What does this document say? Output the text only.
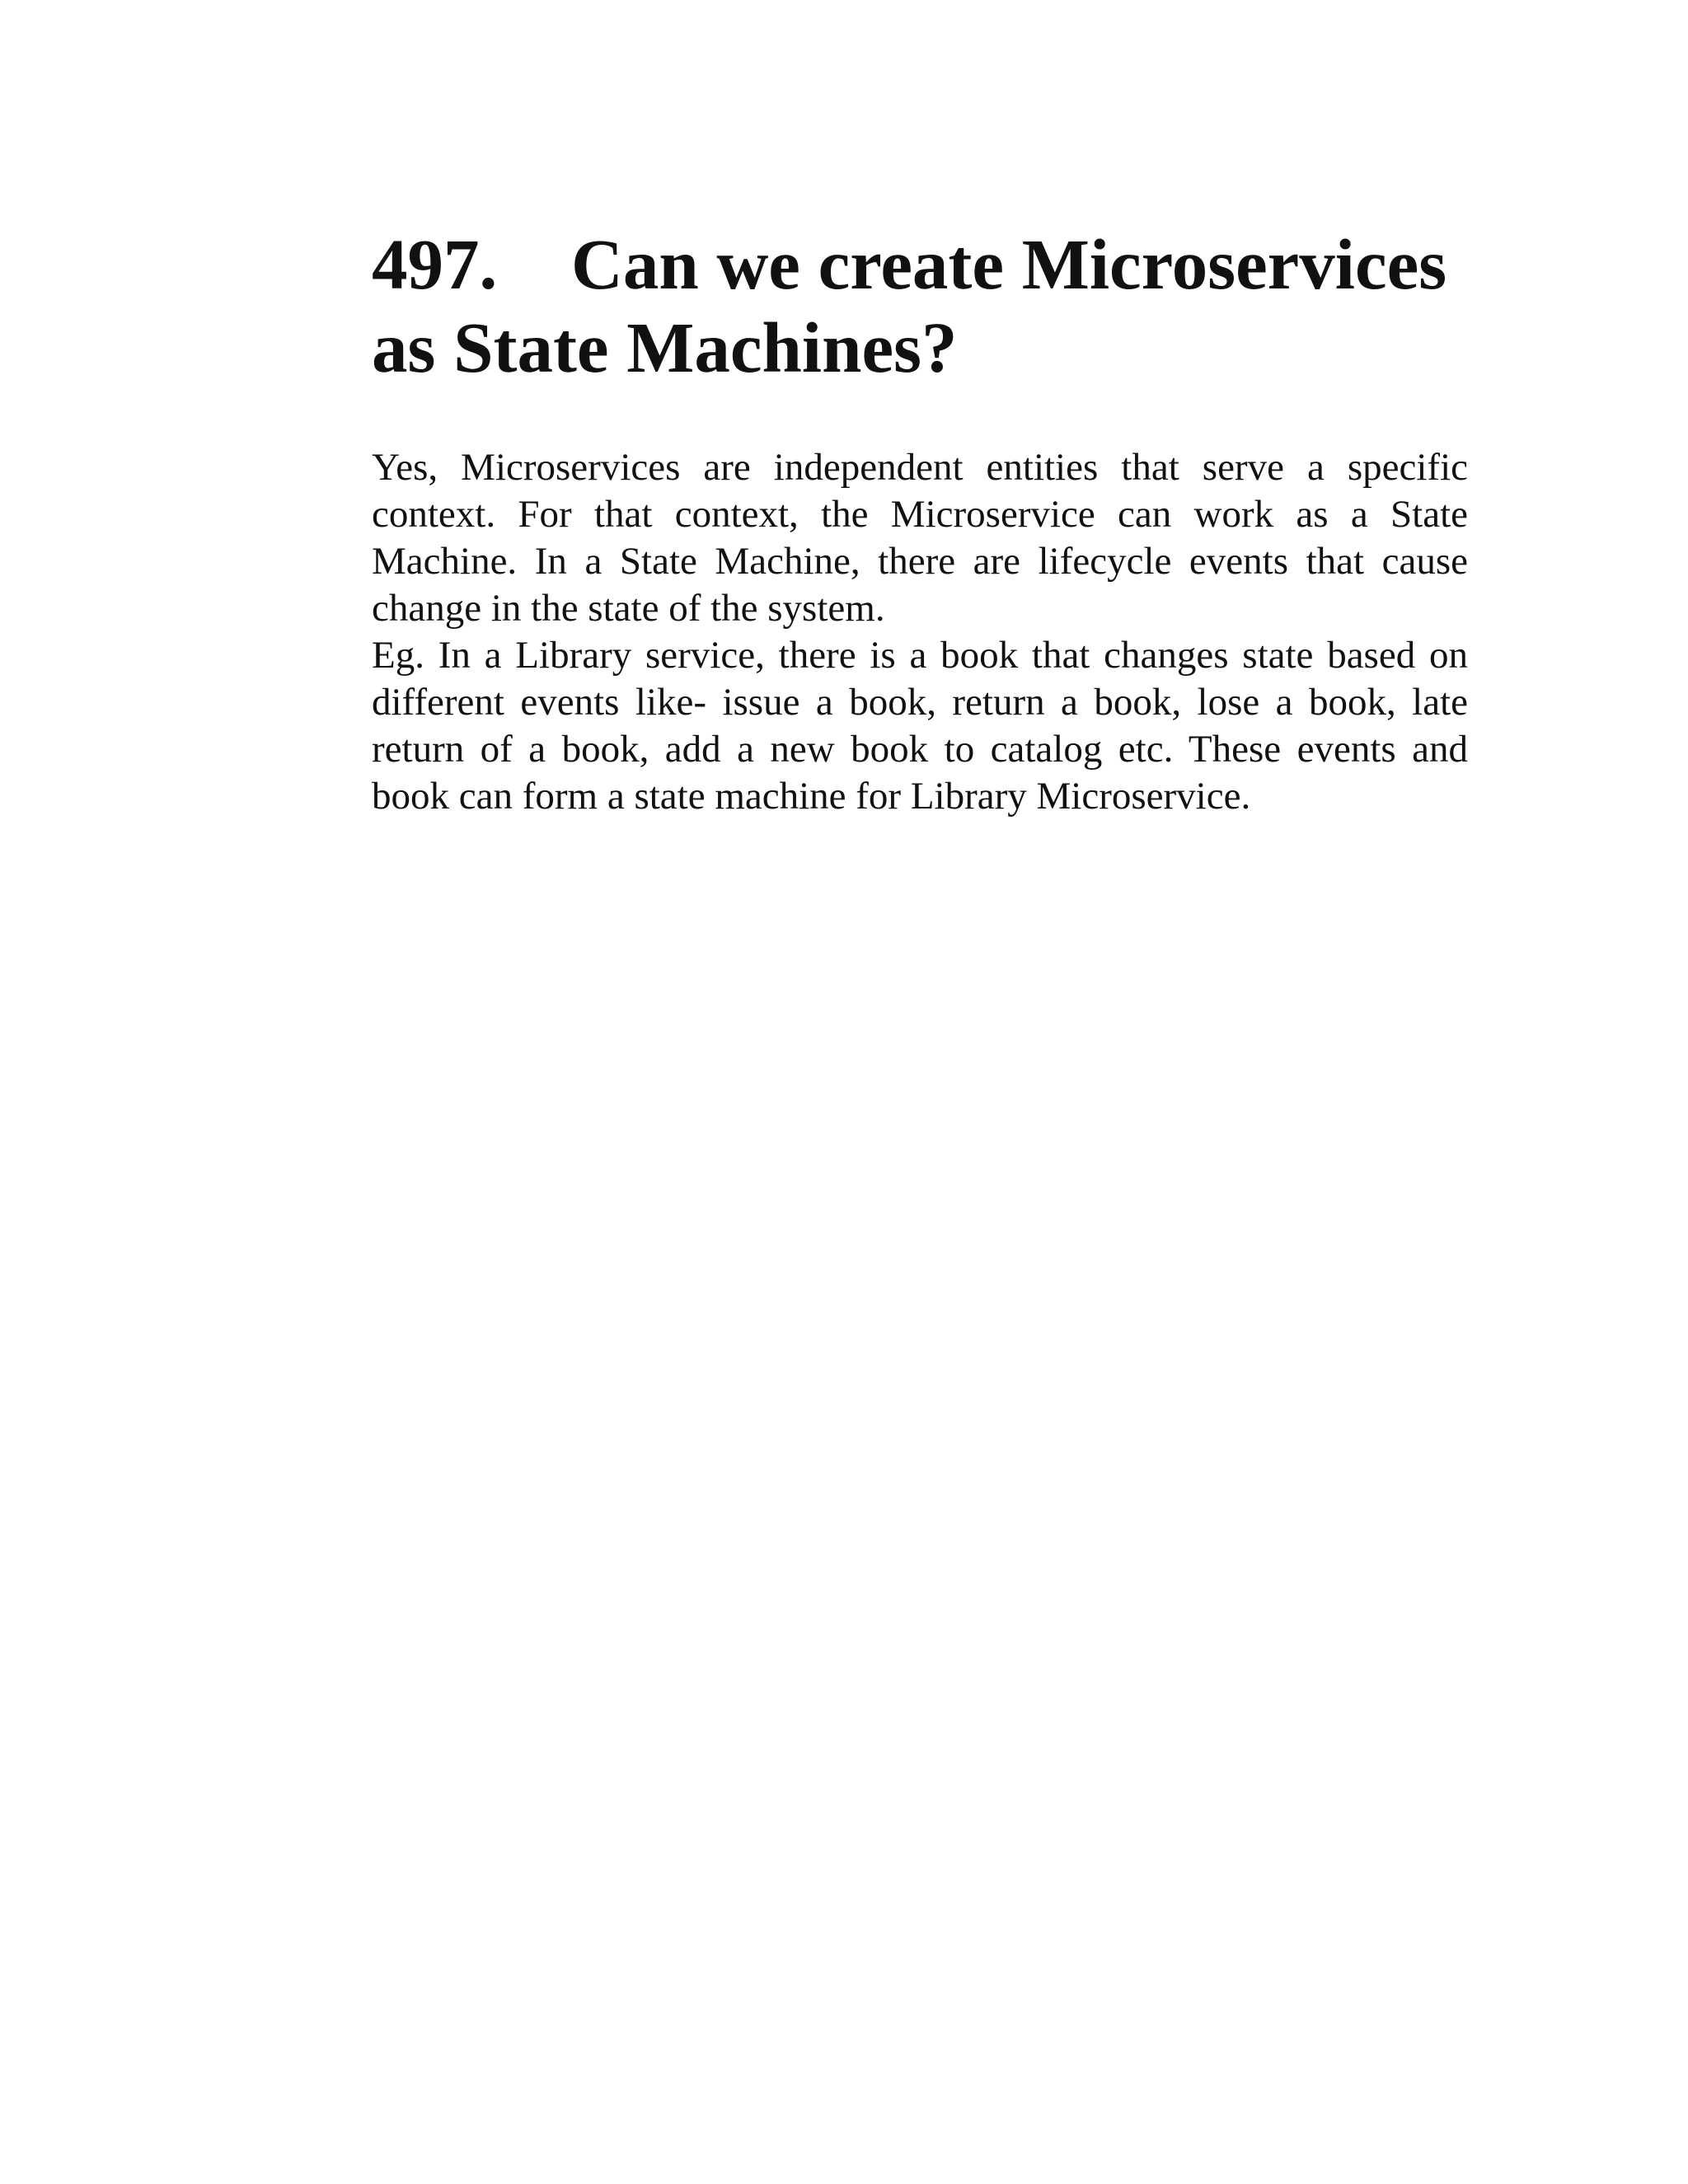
497. Can we create Microservices
as State Machines?

Yes, Microservices are independent entities that serve a specific context. For that context, the Microservice can work as a State Machine. In a State Machine, there are lifecycle events that cause change in the state of the system.

Eg. In a Library service, there is a book that changes state based on different events like- issue a book, return a book, lose a book, late return of a book, add a new book to catalog etc. These events and book can form a state machine for Library Microservice.
